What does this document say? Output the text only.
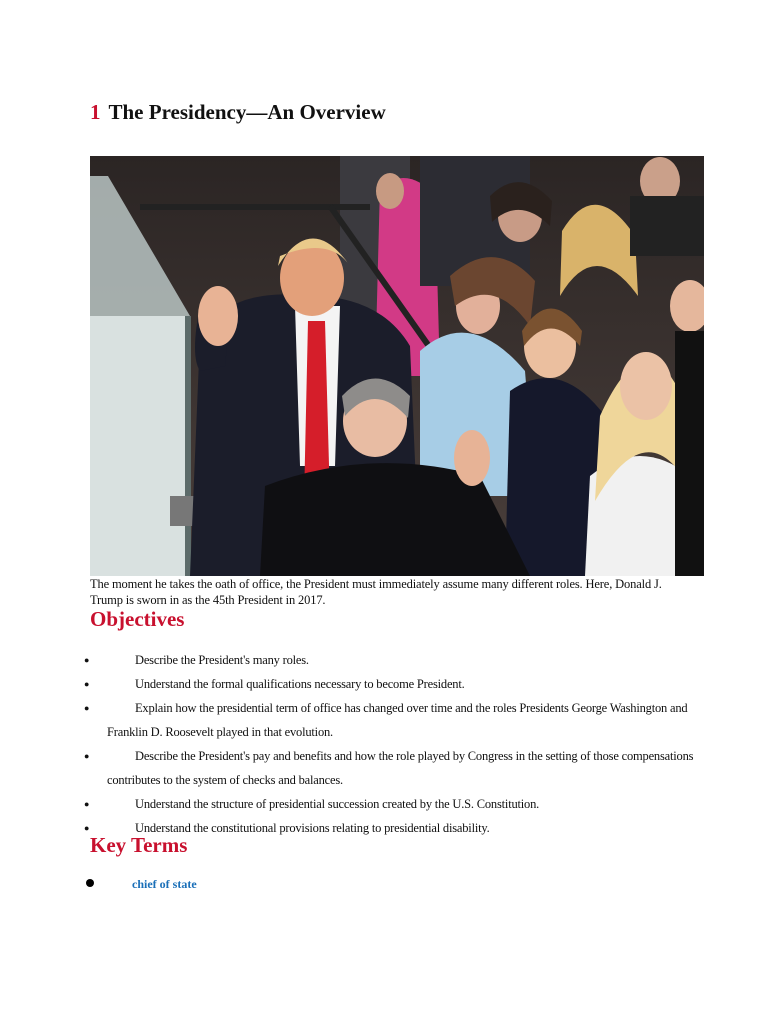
1 The Presidency—An Overview

The moment he takes the oath of office, the President must immediately assume many different roles. Here, Donald J. Trump is sworn in as the 45th President in 2017.

Objectives
●	Describe the President's many roles.
●	Understand the formal qualifications necessary to become President.
●	Explain how the presidential term of office has changed over time and the roles Presidents George Washington and Franklin D. Roosevelt played in that evolution.
●	Describe the President's pay and benefits and how the role played by Congress in the setting of those compensations contributes to the system of checks and balances.
●	Understand the structure of presidential succession created by the U.S. Constitution.
●	Understand the constitutional provisions relating to presidential disability.
Key Terms
chief of state
